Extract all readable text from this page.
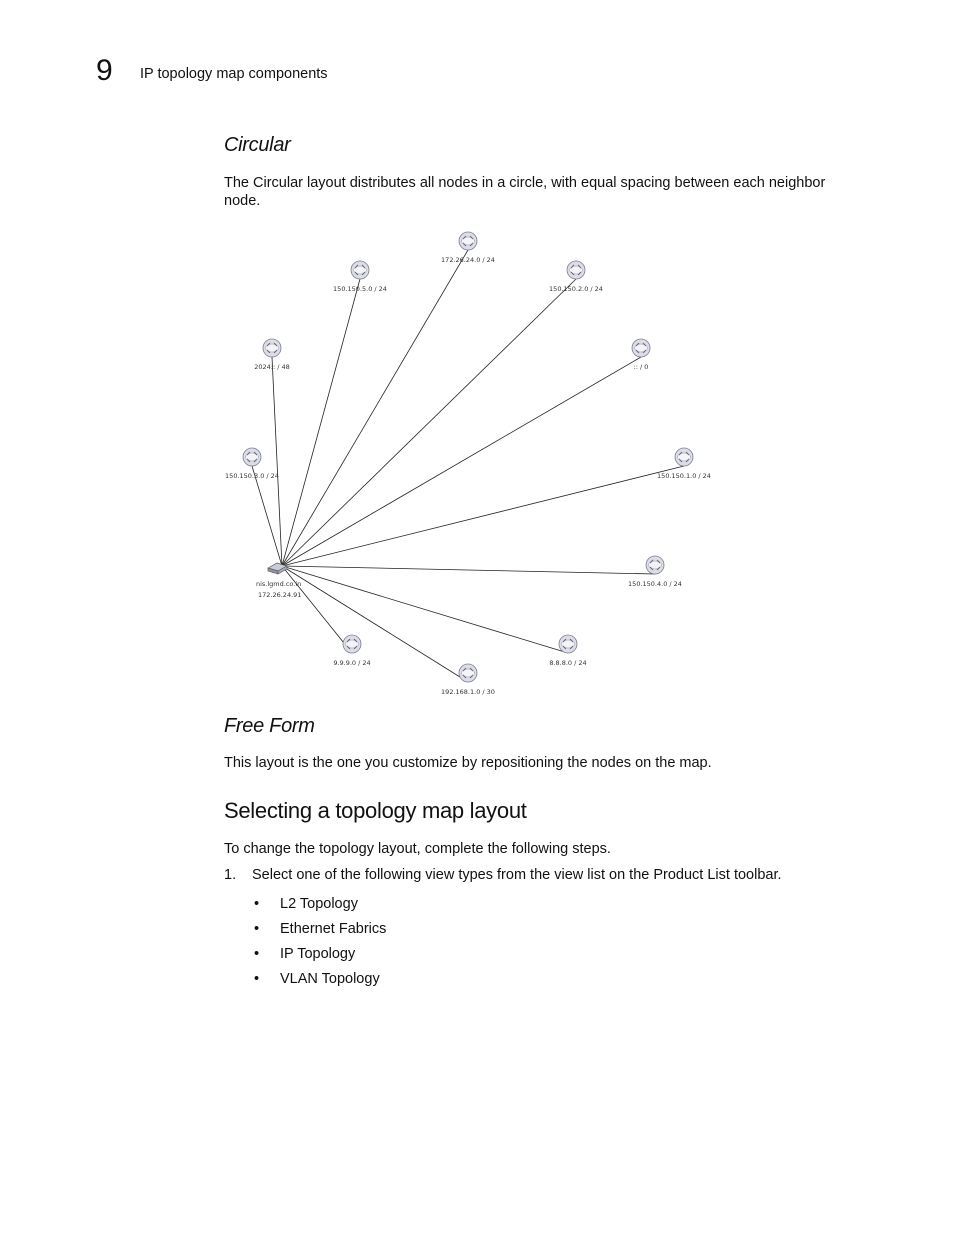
9 IP topology map components
Circular
The Circular layout distributes all nodes in a circle, with equal spacing between each neighbor node.
172.26.24.0 / 24
150.150.5.0 / 24	150.150.2.0 / 24
2024:: / 48	:: / 0
150.150.3.0 / 24	150.150.1.0 / 24
150.150.4.0 / 24
9.9.9.0 / 24	8.8.8.0 / 24
192.168.1.0 / 30
nis.lgmd.co.in
172.26.24.91
Free Form
This layout is the one you customize by repositioning the nodes on the map.
Selecting a topology map layout
To change the topology layout, complete the following steps.
1. Select one of the following view types from the view list on the Product List toolbar.
• L2 Topology
• Ethernet Fabrics
• IP Topology
• VLAN Topology
